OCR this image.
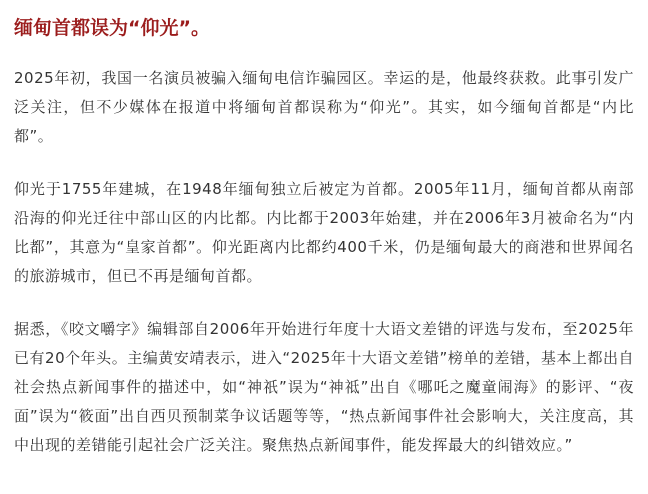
缅甸首都误为“仰光”。

2025年初，我国一名演员被骗入缅甸电信诈骗园区。幸运的是，他最终获救。此事引发广泛关注，但不少媒体在报道中将缅甸首都误称为“仰光”。其实，如今缅甸首都是“内比都”。

仰光于1755年建城，在1948年缅甸独立后被定为首都。2005年11月，缅甸首都从南部沿海的仰光迁往中部山区的内比都。内比都于2003年始建，并在2006年3月被命名为“内比都”，其意为“皇家首都”。仰光距离内比都约400千米，仍是缅甸最大的商港和世界闻名的旅游城市，但已不再是缅甸首都。

据悉，《咬文嚼字》编辑部自2006年开始进行年度十大语文差错的评选与发布，至2025年已有20个年头。主编黄安靖表示，进入“2025年十大语文差错”榜单的差错，基本上都出自社会热点新闻事件的描述中，如“神祇”误为“神祗”出自《哪吒之魔童闹海》的影评、“夜面”误为“筱面”出自西贝预制菜争议话题等等，“热点新闻事件社会影响大，关注度高，其中出现的差错能引起社会广泛关注。聚焦热点新闻事件，能发挥最大的纠错效应。”
